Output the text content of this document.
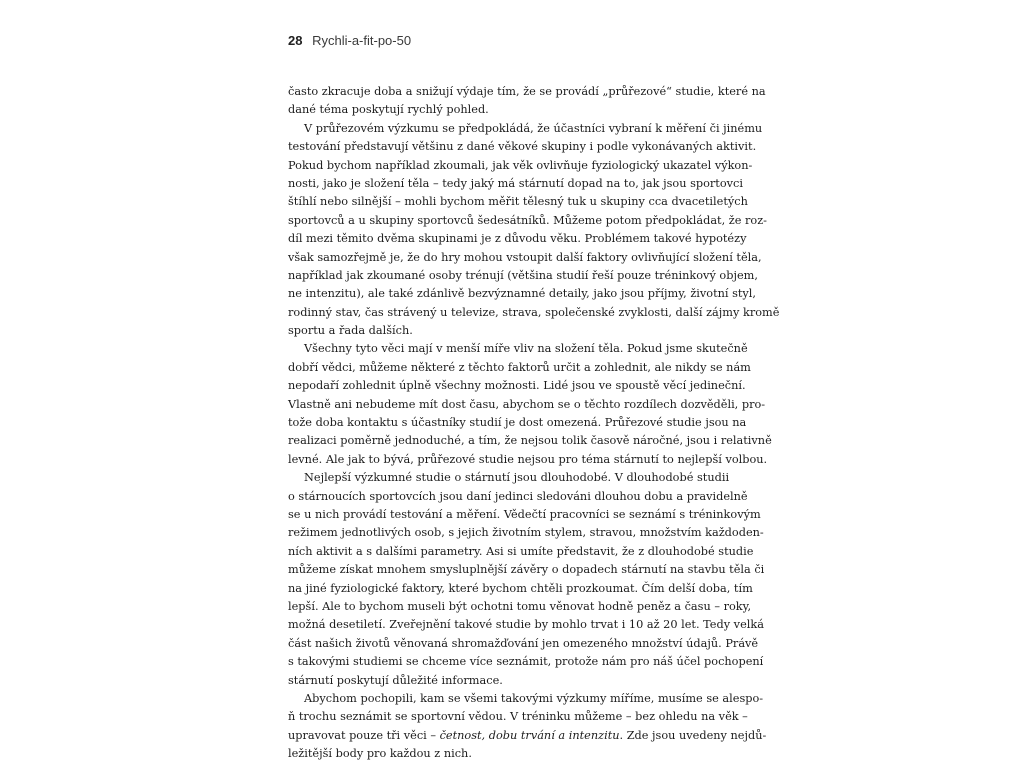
28 Rychli-a-fit-po-50
často zkracuje doba a snižují výdaje tím, že se provádí „průřezové“ studie, které na
dané téma poskytují rychlý pohled.
V průřezovém výzkumu se předpokládá, že účastníci vybraní k měření či jinému
testování představují většinu z dané věkové skupiny i podle vykonávaných aktivit.
Pokud bychom například zkoumali, jak věk ovlivňuje fyziologický ukazatel výkon-
nosti, jako je složení těla – tedy jaký má stárnutí dopad na to, jak jsou sportovci
štíhlí nebo silnější – mohli bychom měřit tělesný tuk u skupiny cca dvacetiletých
sportovců a u skupiny sportovců šedesátníků. Můžeme potom předpokládat, že roz-
díl mezi těmito dvěma skupinami je z důvodu věku. Problémem takové hypotézy
však samozřejmě je, že do hry mohou vstoupit další faktory ovlivňující složení těla,
například jak zkoumané osoby trénují (většina studií řeší pouze tréninkový objem,
ne intenzitu), ale také zdánlivě bezvýznamné detaily, jako jsou příjmy, životní styl,
rodinný stav, čas strávený u televize, strava, společenské zvyklosti, další zájmy kromě
sportu a řada dalších.
Všechny tyto věci mají v menší míře vliv na složení těla. Pokud jsme skutečně
dobří vědci, můžeme některé z těchto faktorů určit a zohlednit, ale nikdy se nám
nepodaří zohlednit úplně všechny možnosti. Lidé jsou ve spoustě věcí jedineční.
Vlastně ani nebudeme mít dost času, abychom se o těchto rozdílech dozvěděli, pro-
tože doba kontaktu s účastníky studií je dost omezená. Průřezové studie jsou na
realizaci poměrně jednoduché, a tím, že nejsou tolik časově náročné, jsou i relativně
levné. Ale jak to bývá, průřezové studie nejsou pro téma stárnutí to nejlepší volbou.
Nejlepší výzkumné studie o stárnutí jsou dlouhodobé. V dlouhodobé studii
o stárnoucích sportovcích jsou daní jedinci sledováni dlouhou dobu a pravidelně
se u nich provádí testování a měření. Vědečtí pracovníci se seznámí s tréninkovým
režimem jednotlivých osob, s jejich životním stylem, stravou, množstvím každoden-
ních aktivit a s dalšími parametry. Asi si umíte představit, že z dlouhodobé studie
můžeme získat mnohem smysluplnější závěry o dopadech stárnutí na stavbu těla či
na jiné fyziologické faktory, které bychom chtěli prozkoumat. Čím delší doba, tím
lepší. Ale to bychom museli být ochotni tomu věnovat hodně peněz a času – roky,
možná desetiletí. Zveřejnění takové studie by mohlo trvat i 10 až 20 let. Tedy velká
část našich životů věnovaná shromažďování jen omezeného množství údajů. Právě
s takovými studiemi se chceme více seznámit, protože nám pro náš účel pochopení
stárnutí poskytují důležité informace.
Abychom pochopili, kam se všemi takovými výzkumy míříme, musíme se alespo-
ň trochu seznámit se sportovní vědou. V tréninku můžeme – bez ohledu na věk –
upravovat pouze tři věci – četnost, dobu trvání a intenzitu. Zde jsou uvedeny nejdů-
ležitější body pro každou z nich.
